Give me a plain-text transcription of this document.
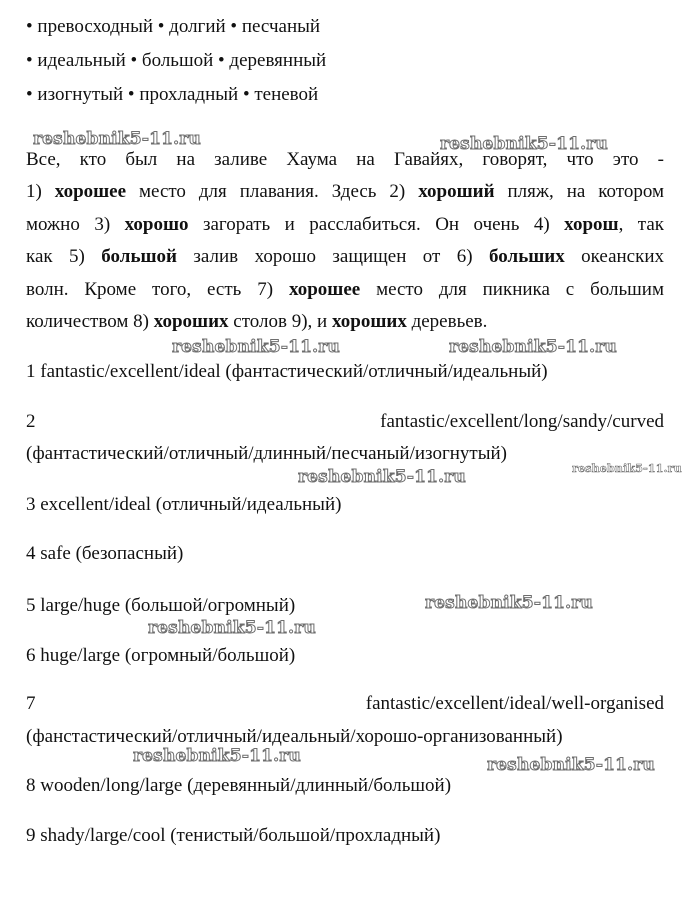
• превосходный • долгий • песчаный
• идеальный • большой • деревянный
• изогнутый • прохладный • теневой
Все, кто был на заливе Хаума на Гавайях, говорят, что это -
1) хорошее место для плавания. Здесь 2) хороший пляж, на котором
можно 3) хорошо загорать и расслабиться. Он очень 4) хорош, так
как 5) большой залив хорошо защищен от 6) больших океанских
волн. Кроме того, есть 7) хорошее место для пикника с большим
количеством 8) хороших столов 9), и хороших деревьев.
1 fantastic/excellent/ideal (фантастический/отличный/идеальный)
2	fantastic/excellent/long/sandy/curved
(фантастический/отличный/длинный/песчаный/изогнутый)
3 excellent/ideal (отличный/идеальный)
4 safe (безопасный)
5 large/huge (большой/огромный)
6 huge/large (огромный/большой)
7	fantastic/excellent/ideal/well-organised
(фанстастический/отличный/идеальный/хорошо-организованный)
8 wooden/long/large (деревянный/длинный/большой)
9 shady/large/cool (тенистый/большой/прохладный)
reshebnik5-11.ru	reshebnik5-11.ru
reshebnik5-11.ru	reshebnik5-11.ru
reshebnik5-11.ru	reshebnik5-11.ru
reshebnik5-11.ru
reshebnik5-11.ru
reshebnik5-11.ru	reshebnik5-11.ru
